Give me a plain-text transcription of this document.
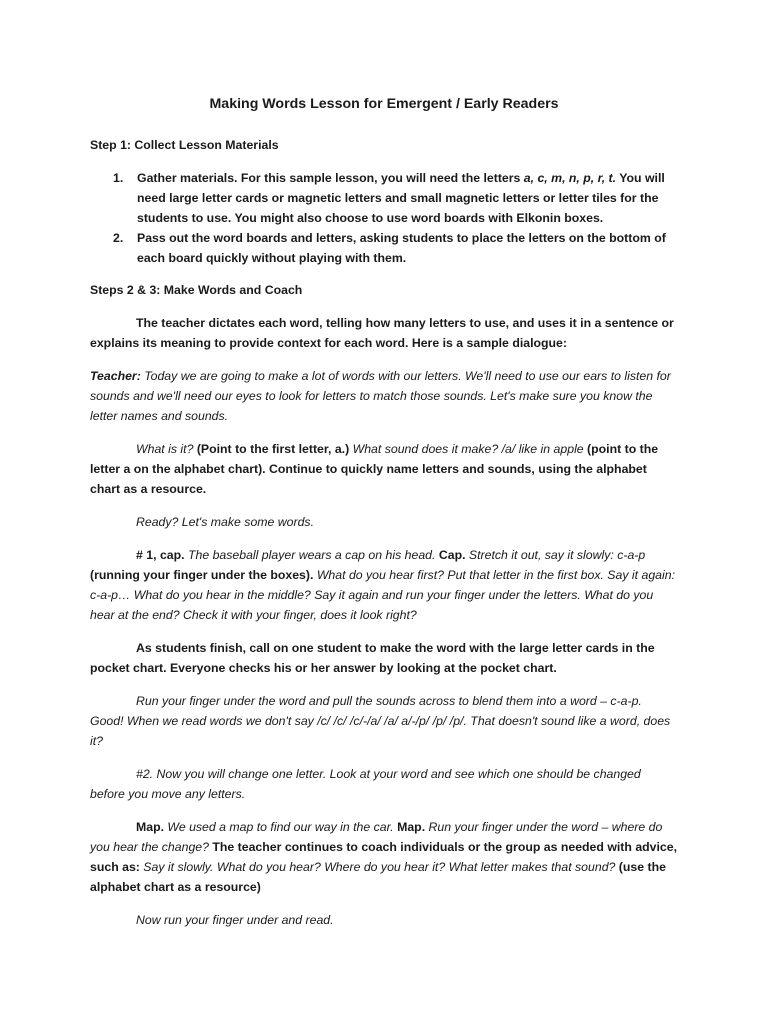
Making Words Lesson for Emergent / Early Readers
Step 1: Collect Lesson Materials
1. Gather materials. For this sample lesson, you will need the letters a, c, m, n, p, r, t. You will need large letter cards or magnetic letters and small magnetic letters or letter tiles for the students to use. You might also choose to use word boards with Elkonin boxes.
2. Pass out the word boards and letters, asking students to place the letters on the bottom of each board quickly without playing with them.
Steps 2 & 3: Make Words and Coach

The teacher dictates each word, telling how many letters to use, and uses it in a sentence or explains its meaning to provide context for each word. Here is a sample dialogue:

Teacher: Today we are going to make a lot of words with our letters. We'll need to use our ears to listen for sounds and we'll need our eyes to look for letters to match those sounds. Let's make sure you know the letter names and sounds.

What is it? (Point to the first letter, a.) What sound does it make? /a/ like in apple (point to the letter a on the alphabet chart). Continue to quickly name letters and sounds, using the alphabet chart as a resource.

Ready? Let's make some words.

# 1, cap. The baseball player wears a cap on his head. Cap. Stretch it out, say it slowly: c-a-p (running your finger under the boxes). What do you hear first? Put that letter in the first box. Say it again: c-a-p… What do you hear in the middle? Say it again and run your finger under the letters. What do you hear at the end? Check it with your finger, does it look right?

As students finish, call on one student to make the word with the large letter cards in the pocket chart. Everyone checks his or her answer by looking at the pocket chart.

Run your finger under the word and pull the sounds across to blend them into a word – c-a-p. Good! When we read words we don't say /c/ /c/ /c/-/a/ /a/ a/-/p/ /p/ /p/. That doesn't sound like a word, does it?

#2. Now you will change one letter. Look at your word and see which one should be changed before you move any letters.

Map. We used a map to find our way in the car. Map. Run your finger under the word – where do you hear the change? The teacher continues to coach individuals or the group as needed with advice, such as: Say it slowly. What do you hear? Where do you hear it? What letter makes that sound? (use the alphabet chart as a resource)

Now run your finger under and read.
